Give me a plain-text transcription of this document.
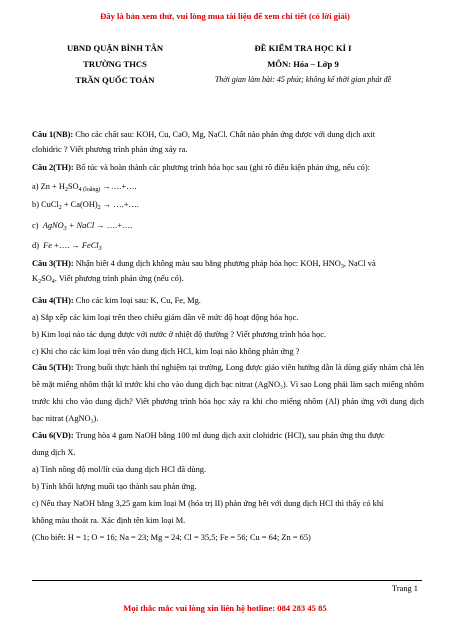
Đây là bản xem thử, vui lòng mua tài liệu để xem chi tiết (có lời giải)
UBND QUẬN BÌNH TÂN
TRƯỜNG THCS
TRẦN QUỐC TOẢN
ĐỀ KIỂM TRA HỌC KÌ I
MÔN: Hóa – Lớp 9
Thời gian làm bài: 45 phút; không kể thời gian phát đề
Câu 1(NB): Cho các chất sau: KOH, Cu, CaO, Mg, NaCl. Chất nào phản ứng được với dung dịch axit
clohidric ? Viết phương trình phản ứng xảy ra.
Câu 2(TH): Bổ túc và hoàn thành các phương trình hóa học sau (ghi rõ điều kiện phản ứng, nếu có):
a) $Zn + H_2SO_{4 (loãng)}$ →….+….
b) CuCl$_2$ + $Ca(OH)_2$ → ….+….
c) AgNO$_3$ + NaCl → ….+….
d) Fe +…. → FeCl$_3$
Câu 3(TH): Nhận biết 4 dung dịch không màu sau bằng phương pháp hóa học: KOH, $HNO_3$, NaCl và
$K_2SO_4$. Viết phương trình phản ứng (nếu có).
Câu 4(TH): Cho các kim loại sau: K, Cu, Fe, Mg.
a) Sắp xếp các kim loại trên theo chiều giảm dần về mức độ hoạt động hóa học.
b) Kim loại nào tác dụng được với nước ở nhiệt độ thường ? Viết phương trình hóa học.
c) Khi cho các kim loại trên vào dung dịch HCl, kim loại nào không phản ứng ?
Câu 5(TH): Trong buổi thực hành thí nghiệm tại trường, Long được giáo viên hướng dẫn là dùng giấy nhám chà lên bề mặt miếng nhôm thật kĩ trước khi cho vào dung dịch bạc nitrat (AgNO₃). Vì sao Long phải làm sạch miếng nhôm trước khi cho vào dung dịch? Viết phương trình hóa học xảy ra khi cho miếng nhôm (Al) phản ứng với dung dịch bạc nitrat (AgNO₃).
Câu 6(VD): Trung hòa 4 gam NaOH bằng 100 ml dung dịch axit clohidric (HCl), sau phản ứng thu được
dung dịch X.
a) Tính nồng độ mol/lít của dung dịch HCl đã dùng.
b) Tính khối lượng muối tạo thành sau phản ứng.
c) Nếu thay NaOH bằng 3,25 gam kim loại M (hóa trị II) phản ứng hết với dung dịch HCl thì thấy có khí
không màu thoát ra. Xác định tên kim loại M.
(Cho biết: H = 1; O = 16; Na = 23; Mg = 24; Cl = 35,5; Fe = 56; Cu = 64; Zn = 65)
Trang 1
Mọi thắc mắc vui lòng xin liên hệ hotline: 084 283 45 85
